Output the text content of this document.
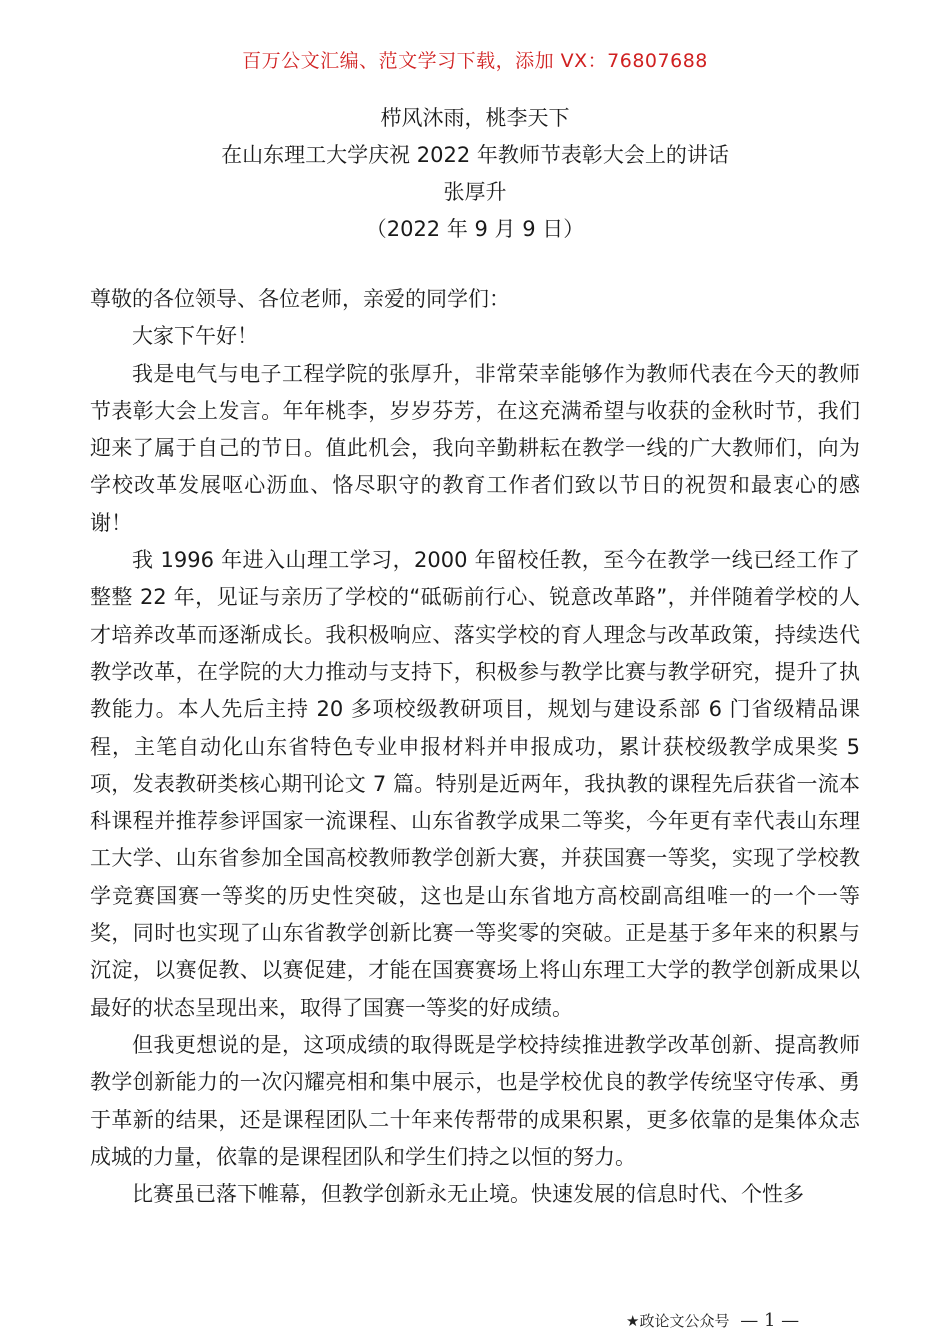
百万公文汇编、范文学习下载，添加 VX：76807688
栉风沐雨，桃李天下
在山东理工大学庆祝 2022 年教师节表彰大会上的讲话
张厚升
（2022 年 9 月 9 日）

尊敬的各位领导、各位老师，亲爱的同学们：

大家下午好！

我是电气与电子工程学院的张厚升，非常荣幸能够作为教师代表在今天的教师节表彰大会上发言。年年桃李，岁岁芬芳，在这充满希望与收获的金秋时节，我们迎来了属于自己的节日。值此机会，我向辛勤耕耘在教学一线的广大教师们，向为学校改革发展呕心沥血、恪尽职守的教育工作者们致以节日的祝贺和最衷心的感谢！

我 1996 年进入山理工学习，2000 年留校任教，至今在教学一线已经工作了整整 22 年，见证与亲历了学校的“砥砺前行心、锐意改革路”，并伴随着学校的人才培养改革而逐渐成长。我积极响应、落实学校的育人理念与改革政策，持续迭代教学改革，在学院的大力推动与支持下，积极参与教学比赛与教学研究，提升了执教能力。本人先后主持 20 多项校级教研项目，规划与建设系部 6 门省级精品课程，主笔自动化山东省特色专业申报材料并申报成功，累计获校级教学成果奖 5 项，发表教研类核心期刊论文 7 篇。特别是近两年，我执教的课程先后获省一流本科课程并推荐参评国家一流课程、山东省教学成果二等奖，今年更有幸代表山东理工大学、山东省参加全国高校教师教学创新大赛，并获国赛一等奖，实现了学校教学竞赛国赛一等奖的历史性突破，这也是山东省地方高校副高组唯一的一个一等奖，同时也实现了山东省教学创新比赛一等奖零的突破。正是基于多年来的积累与沉淀，以赛促教、以赛促建，才能在国赛赛场上将山东理工大学的教学创新成果以最好的状态呈现出来，取得了国赛一等奖的好成绩。

但我更想说的是，这项成绩的取得既是学校持续推进教学改革创新、提高教师教学创新能力的一次闪耀亮相和集中展示，也是学校优良的教学传统坚守传承、勇于革新的结果，还是课程团队二十年来传帮带的成果积累，更多依靠的是集体众志成城的力量，依靠的是课程团队和学生们持之以恒的努力。

比赛虽已落下帷幕，但教学创新永无止境。快速发展的信息时代、个性多

★政论文公众号 — 1 —
